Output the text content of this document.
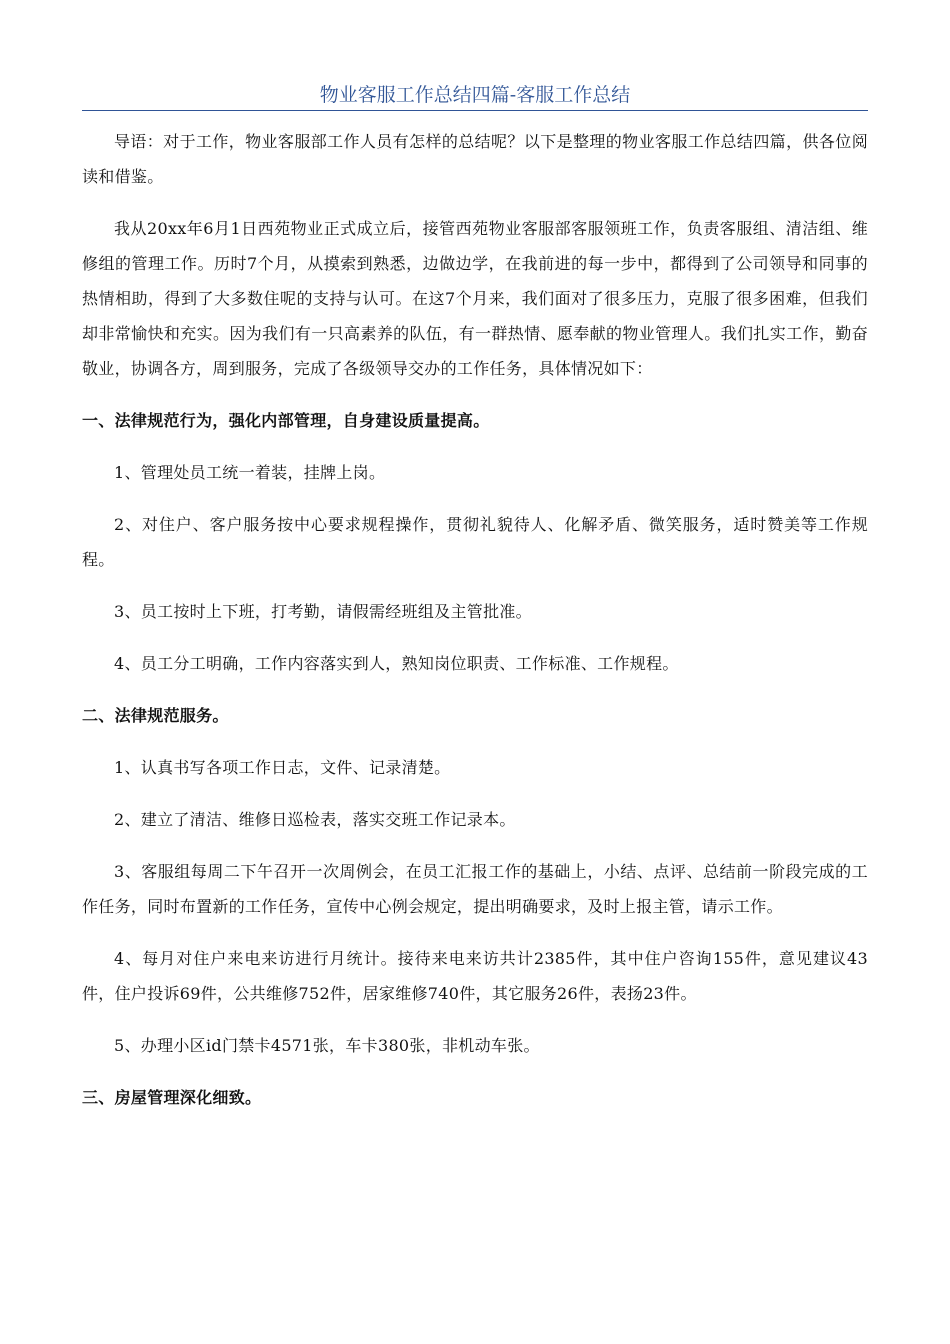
物业客服工作总结四篇-客服工作总结

导语：对于工作，物业客服部工作人员有怎样的总结呢？以下是整理的物业客服工作总结四篇，供各位阅读和借鉴。

我从20xx年6月1日西苑物业正式成立后，接管西苑物业客服部客服领班工作，负责客服组、清洁组、维修组的管理工作。历时7个月，从摸索到熟悉，边做边学，在我前进的每一步中，都得到了公司领导和同事的热情相助，得到了大多数住呢的支持与认可。在这7个月来，我们面对了很多压力，克服了很多困难，但我们却非常愉快和充实。因为我们有一只高素养的队伍，有一群热情、愿奉献的物业管理人。我们扎实工作，勤奋敬业，协调各方，周到服务，完成了各级领导交办的工作任务，具体情况如下：

一、法律规范行为，强化内部管理，自身建设质量提高。

1、管理处员工统一着装，挂牌上岗。

2、对住户、客户服务按中心要求规程操作，贯彻礼貌待人、化解矛盾、微笑服务，适时赞美等工作规程。

3、员工按时上下班，打考勤，请假需经班组及主管批准。

4、员工分工明确，工作内容落实到人，熟知岗位职责、工作标准、工作规程。

二、法律规范服务。

1、认真书写各项工作日志，文件、记录清楚。

2、建立了清洁、维修日巡检表，落实交班工作记录本。

3、客服组每周二下午召开一次周例会，在员工汇报工作的基础上，小结、点评、总结前一阶段完成的工作任务，同时布置新的工作任务，宣传中心例会规定，提出明确要求，及时上报主管，请示工作。

4、每月对住户来电来访进行月统计。接待来电来访共计2385件，其中住户咨询155件，意见建议43件，住户投诉69件，公共维修752件，居家维修740件，其它服务26件，表扬23件。

5、办理小区id门禁卡4571张，车卡380张，非机动车张。

三、房屋管理深化细致。
